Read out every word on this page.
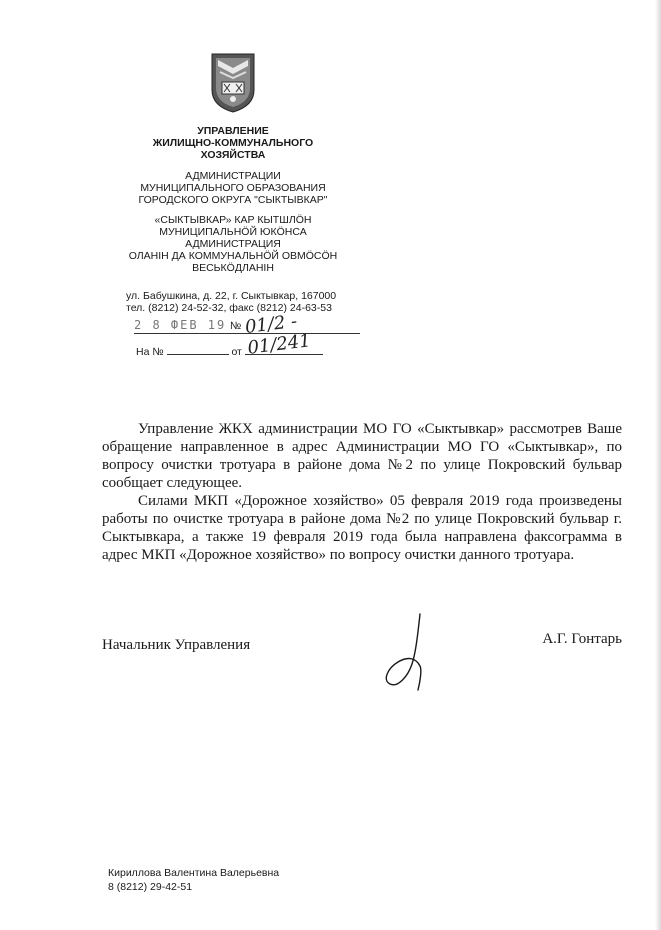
УПРАВЛЕНИЕ
ЖИЛИЩНО-КОММУНАЛЬНОГО
ХОЗЯЙСТВА
АДМИНИСТРАЦИИ
МУНИЦИПАЛЬНОГО ОБРАЗОВАНИЯ
ГОРОДСКОГО ОКРУГА "СЫКТЫВКАР"
«СЫКТЫВКАР» КАР КЫТШЛÖН
МУНИЦИПАЛЬНÖЙ ЮКÖНСА
АДМИНИСТРАЦИЯ
ОЛАНIН ДА КОММУНАЛЬНÖЙ ОВМÖСÖН
ВЕСЬКÖДЛАНIН
ул. Бабушкина, д. 22, г. Сыктывкар, 167000
тел. (8212) 24-52-32, факс (8212) 24-63-53
2 8 ФЕВ 19 № 01/2 - 01/241
На №	от

Управление ЖКХ администрации МО ГО «Сыктывкар» рассмотрев Ваше обращение направленное в адрес Администрации МО ГО «Сыктывкар», по вопросу очистки тротуара в районе дома №2 по улице Покровский бульвар сообщает следующее.

Силами МКП «Дорожное хозяйство» 05 февраля 2019 года произведены работы по очистке тротуара в районе дома №2 по улице Покровский бульвар г. Сыктывкара, а также 19 февраля 2019 года была направлена факсограмма в адрес МКП «Дорожное хозяйство» по вопросу очистки данного тротуара.

Начальник Управления	А.Г. Гонтарь
Кириллова Валентина Валерьевна
8 (8212) 29-42-51
